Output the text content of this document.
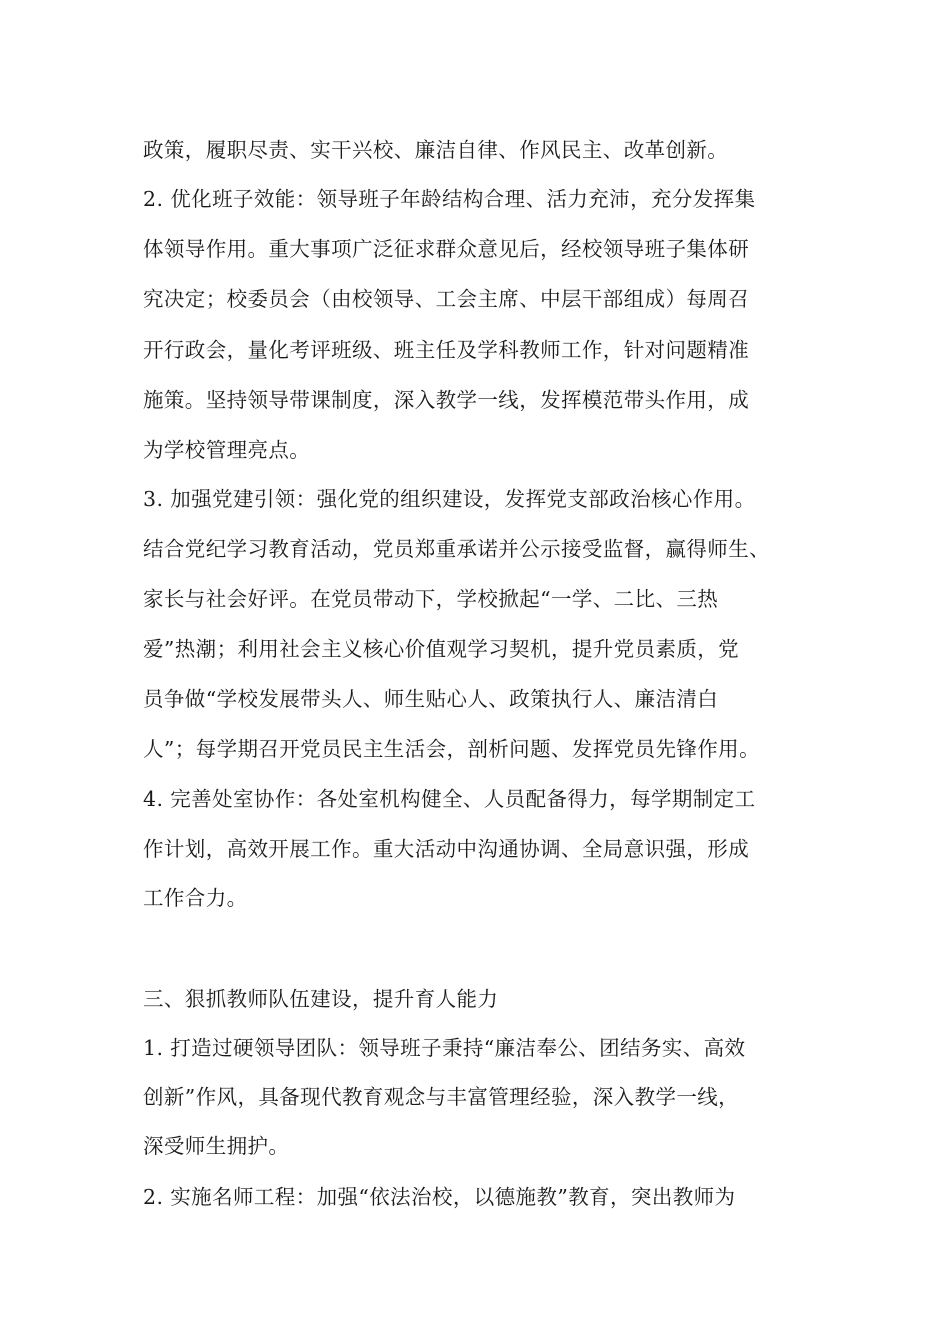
政策，履职尽责、实干兴校、廉洁自律、作风民主、改革创新。

2. 优化班子效能：领导班子年龄结构合理、活力充沛，充分发挥集

体领导作用。重大事项广泛征求群众意见后，经校领导班子集体研

究决定；校委员会（由校领导、工会主席、中层干部组成）每周召

开行政会，量化考评班级、班主任及学科教师工作，针对问题精准

施策。坚持领导带课制度，深入教学一线，发挥模范带头作用，成

为学校管理亮点。

3. 加强党建引领：强化党的组织建设，发挥党支部政治核心作用。

结合党纪学习教育活动，党员郑重承诺并公示接受监督，赢得师生、

家长与社会好评。在党员带动下，学校掀起“一学、二比、三热

爱”热潮；利用社会主义核心价值观学习契机，提升党员素质，党

员争做“学校发展带头人、师生贴心人、政策执行人、廉洁清白

人”；每学期召开党员民主生活会，剖析问题、发挥党员先锋作用。

4. 完善处室协作：各处室机构健全、人员配备得力，每学期制定工

作计划，高效开展工作。重大活动中沟通协调、全局意识强，形成

工作合力。

三、狠抓教师队伍建设，提升育人能力

1. 打造过硬领导团队：领导班子秉持“廉洁奉公、团结务实、高效

创新”作风，具备现代教育观念与丰富管理经验，深入教学一线，

深受师生拥护。

2. 实施名师工程：加强“依法治校，以德施教”教育，突出教师为
